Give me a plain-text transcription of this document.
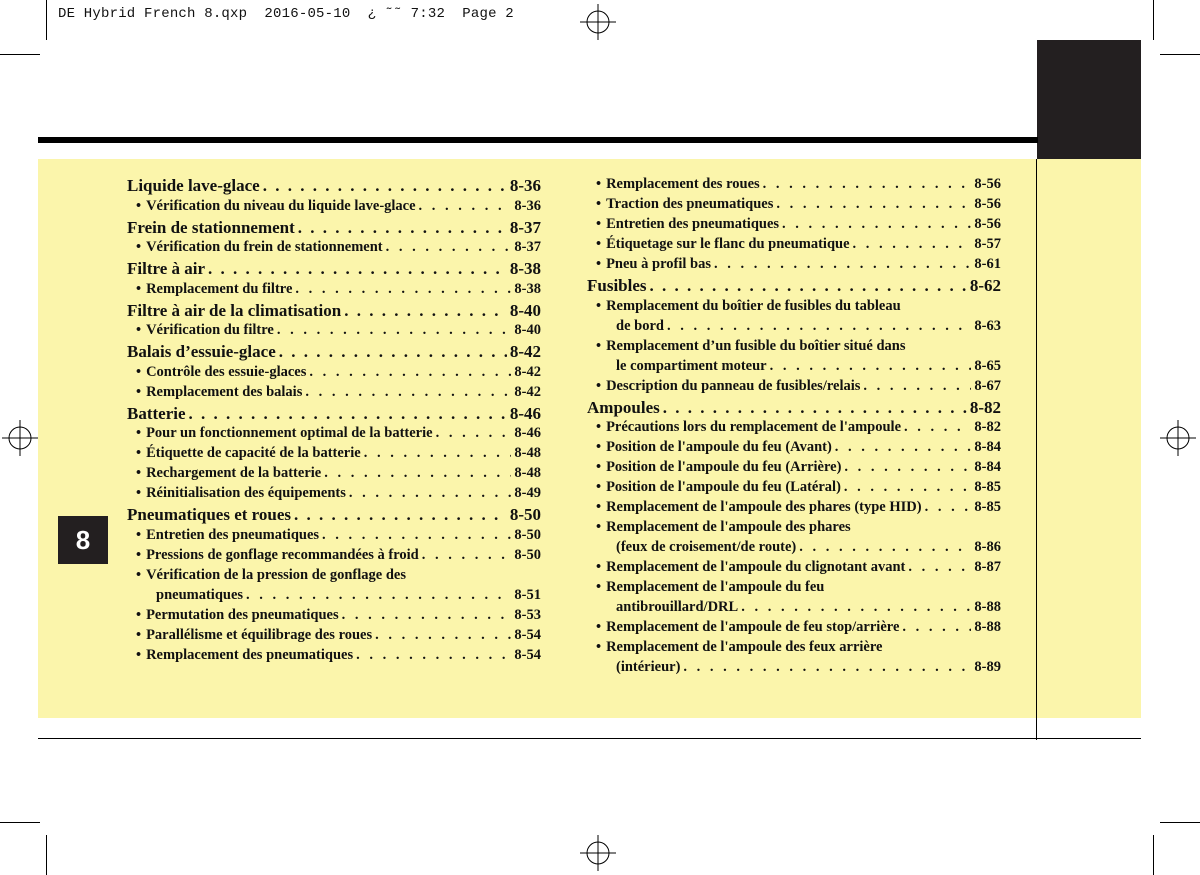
DE Hybrid French 8.qxp  2016-05-10  ¿ ˜˜ 7:32  Page 2
8
Liquide lave-glace . . .	8-36
• Vérification du niveau du liquide lave-glace . . .	8-36
Frein de stationnement . . .	8-37
• Vérification du frein de stationnement . . .	8-37
Filtre à air . . .	8-38
• Remplacement du filtre . . .	8-38
Filtre à air de la climatisation . . .	8-40
• Vérification du filtre . . .	8-40
Balais d’essuie-glace . . .	8-42
• Contrôle des essuie-glaces . . .	8-42
• Remplacement des balais . . .	8-42
Batterie . . .	8-46
• Pour un fonctionnement optimal de la batterie . . .	8-46
• Étiquette de capacité de la batterie . . .	8-48
• Rechargement de la batterie . . .	8-48
• Réinitialisation des équipements . . .	8-49
Pneumatiques et roues . . .	8-50
• Entretien des pneumatiques . . .	8-50
• Pressions de gonflage recommandées à froid . . .	8-50
• Vérification de la pression de gonflage des
pneumatiques . . .	8-51
• Permutation des pneumatiques . . .	8-53
• Parallélisme et équilibrage des roues . . .	8-54
• Remplacement des pneumatiques . . .	8-54
• Remplacement des roues . . .	8-56
• Traction des pneumatiques . . .	8-56
• Entretien des pneumatiques . . .	8-56
• Étiquetage sur le flanc du pneumatique . . .	8-57
• Pneu à profil bas . . .	8-61
Fusibles . . .	8-62
• Remplacement du boîtier de fusibles du tableau
de bord . . .	8-63
• Remplacement d’un fusible du boîtier situé dans
le compartiment moteur . . .	8-65
• Description du panneau de fusibles/relais . . .	8-67
Ampoules . . .	8-82
• Précautions lors du remplacement de l'ampoule . . .	8-82
• Position de l'ampoule du feu (Avant) . . .	8-84
• Position de l'ampoule du feu (Arrière) . . .	8-84
• Position de l'ampoule du feu (Latéral) . . .	8-85
• Remplacement de l'ampoule des phares (type HID) . . .	8-85
• Remplacement de l'ampoule des phares
(feux de croisement/de route) . . .	8-86
• Remplacement de l'ampoule du clignotant avant . . .	8-87
• Remplacement de l'ampoule du feu
antibrouillard/DRL . . .	8-88
• Remplacement de l'ampoule de feu stop/arrière . . .	8-88
• Remplacement de l'ampoule des feux arrière
(intérieur) . . .	8-89
